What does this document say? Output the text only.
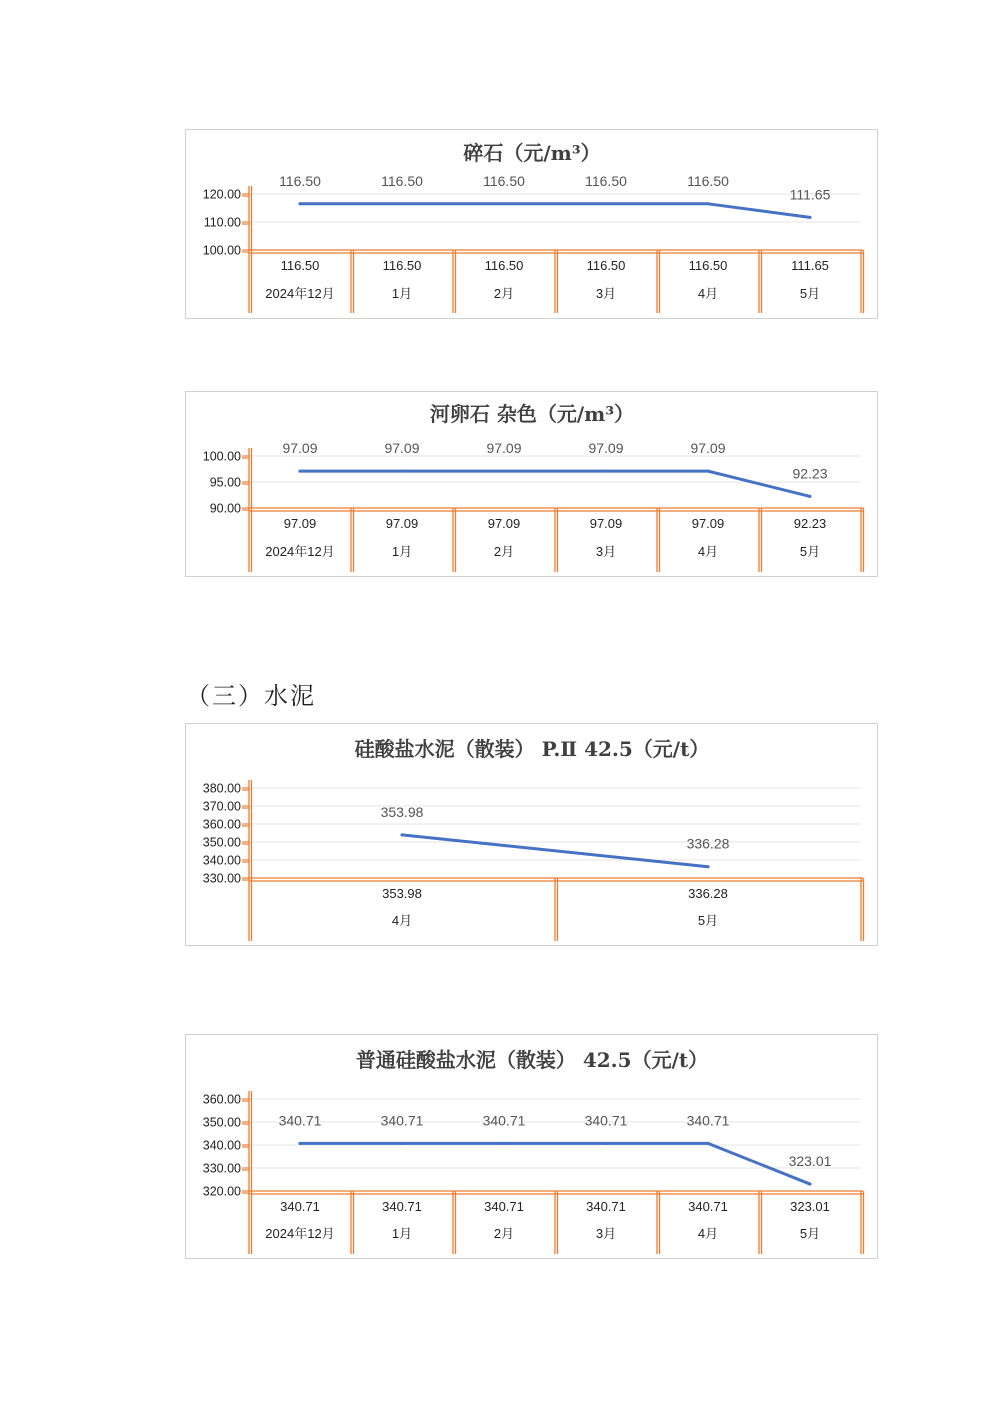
碎石（元/m³）
120.00
110.00
100.00
116.50	116.50	116.50	116.50	116.50
111.65
116.50
2024年12月
116.50
1月
116.50
2月
116.50
3月
116.50
4月
111.65
5月
河卵石 杂色（元/m³）
100.00
95.00
90.00
97.09	97.09	97.09	97.09	97.09
92.23
97.09
2024年12月
97.09
1月
97.09
2月
97.09
3月
97.09
4月
92.23
5月
（三）水泥
硅酸盐水泥（散装） P.Ⅱ 42.5（元/t）
380.00
370.00
360.00
350.00
340.00
330.00
353.98
336.28
353.98
4月
336.28
5月
普通硅酸盐水泥（散装） 42.5（元/t）
360.00
350.00
340.00
330.00
320.00
340.71	340.71	340.71	340.71	340.71
323.01
340.71
2024年12月
340.71
1月
340.71
2月
340.71
3月
340.71
4月
323.01
5月
